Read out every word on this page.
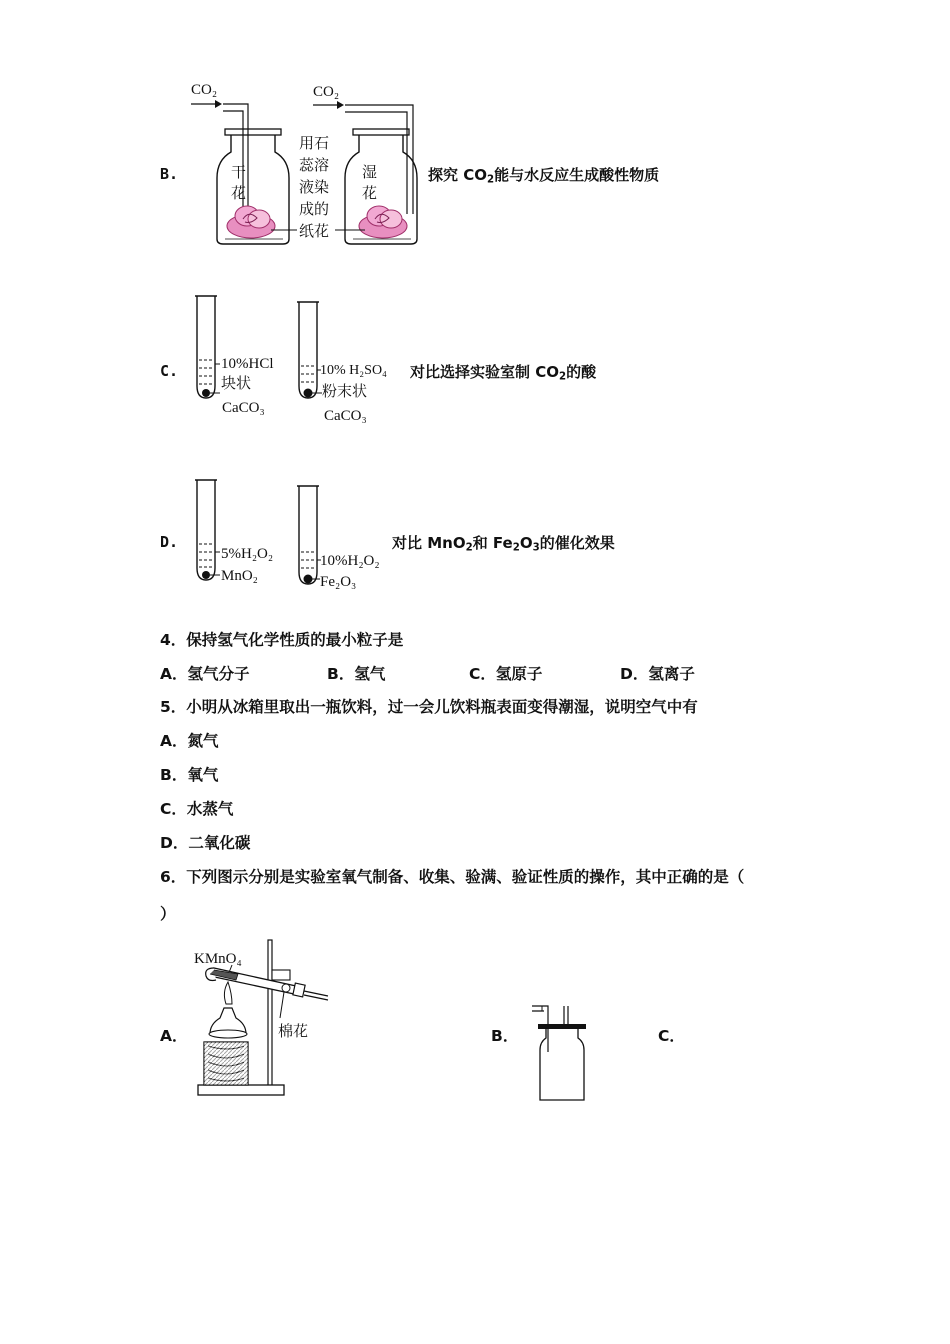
B.
CO₂	CO₂
干
花
湿
花
用石
蕊溶
液染
成的
纸花
探究 $CO_2$能与水反应生成酸性物质
C.	10%HCl
块状
CaCO₃
10% H₂SO₄
粉末状
CaCO₃
对比选择实验室制 $CO_2$的酸
D.
5%H₂O₂
MnO₂
10%H₂O₂
Fe₂O₃
对比 MnO$_2$和 $Fe_2O_3$的催化效果
4．保持氢气化学性质的最小粒子是
A．氢气分子	B．氢气	C．氢原子	D．氢离子
5．小明从冰箱里取出一瓶饮料，过一会儿饮料瓶表面变得潮湿，说明空气中有
A．氮气
B．氧气
C．水蒸气
D．二氧化碳
6．下列图示分别是实验室氧气制备、收集、验满、验证性质的操作，其中正确的是（
）
A．
KMnO₄
棉花	B．	C．
